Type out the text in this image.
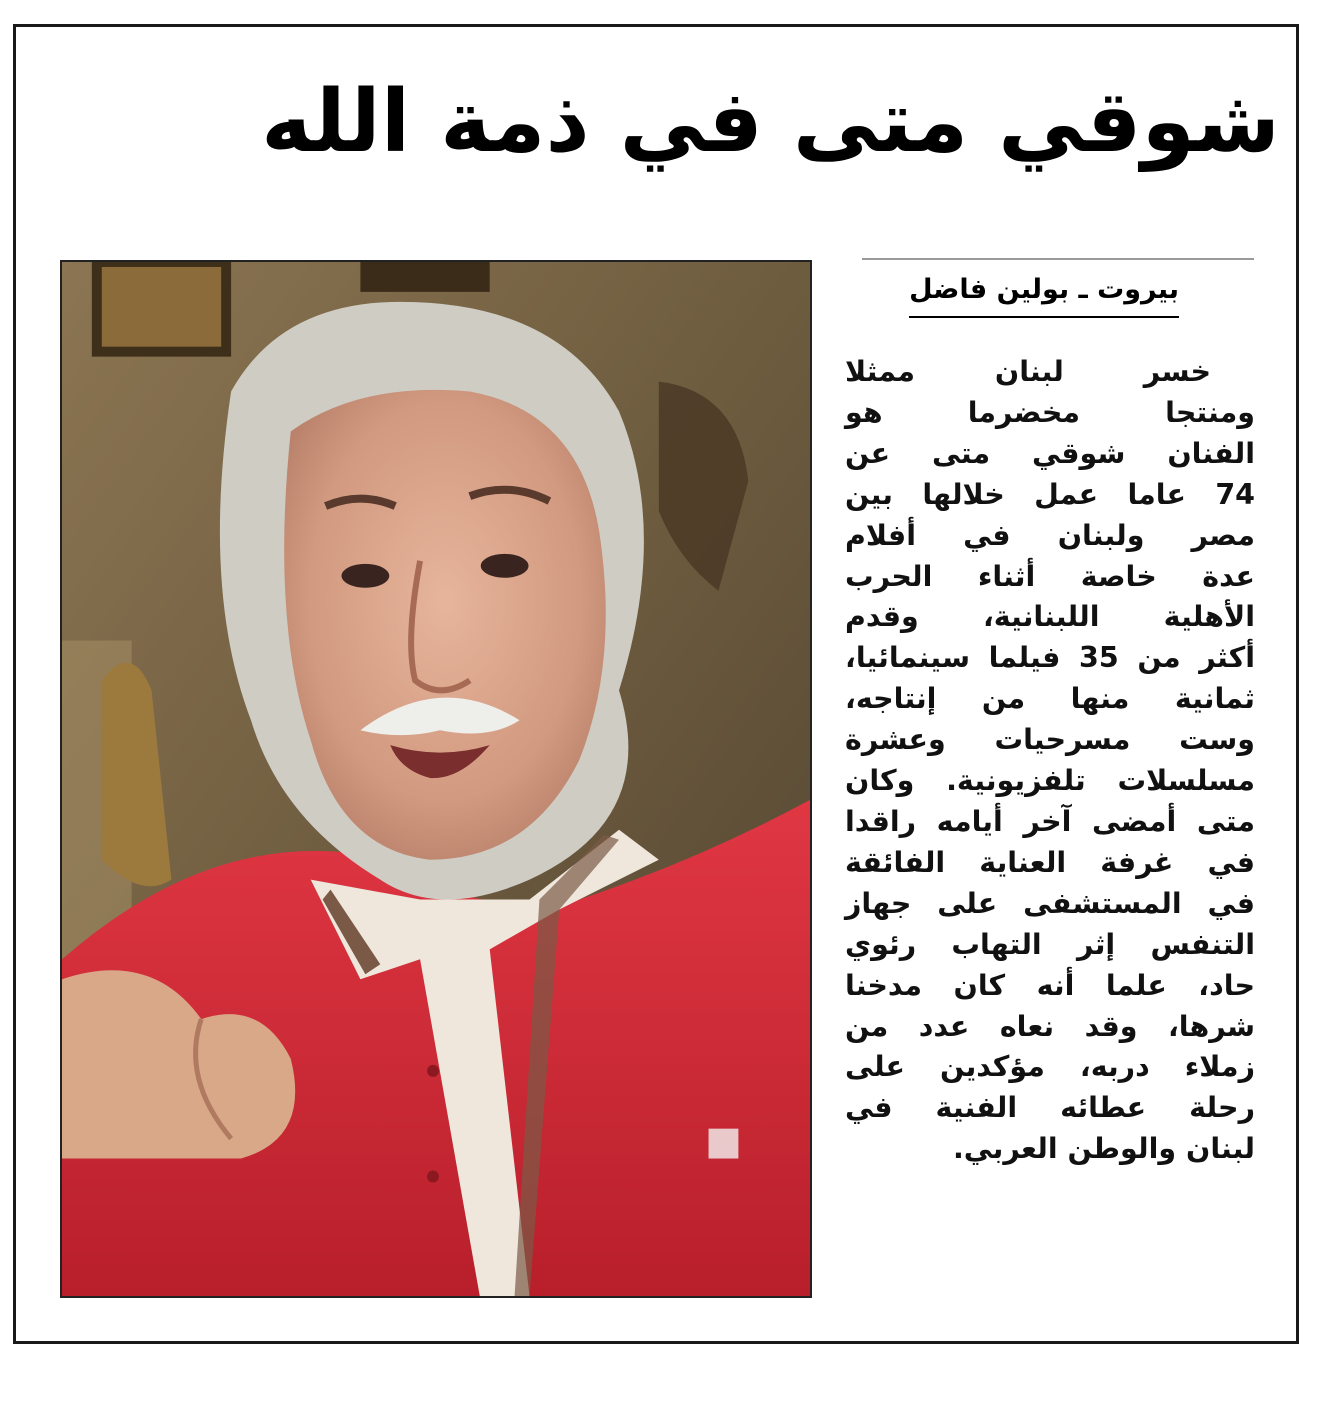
شوقي متى في ذمة الله
بيروت ـ بولين فاضل
خسر لبنان ممثلا
ومنتجا مخضرما هو
الفنان شوقي متى عن
74 عاما عمل خلالها بين
مصر ولبنان في أفلام
عدة خاصة أثناء الحرب
الأهلية اللبنانية، وقدم
أكثر من 35 فيلما سينمائيا،
ثمانية منها من إنتاجه،
وست مسرحيات وعشرة
مسلسلات تلفزيونية. وكان
متى أمضى آخر أيامه راقدا
في غرفة العناية الفائقة
في المستشفى على جهاز
التنفس إثر التهاب رئوي
حاد، علما أنه كان مدخنا
شرها، وقد نعاه عدد من
زملاء دربه، مؤكدين على
رحلة عطائه الفنية في
لبنان والوطن العربي.
